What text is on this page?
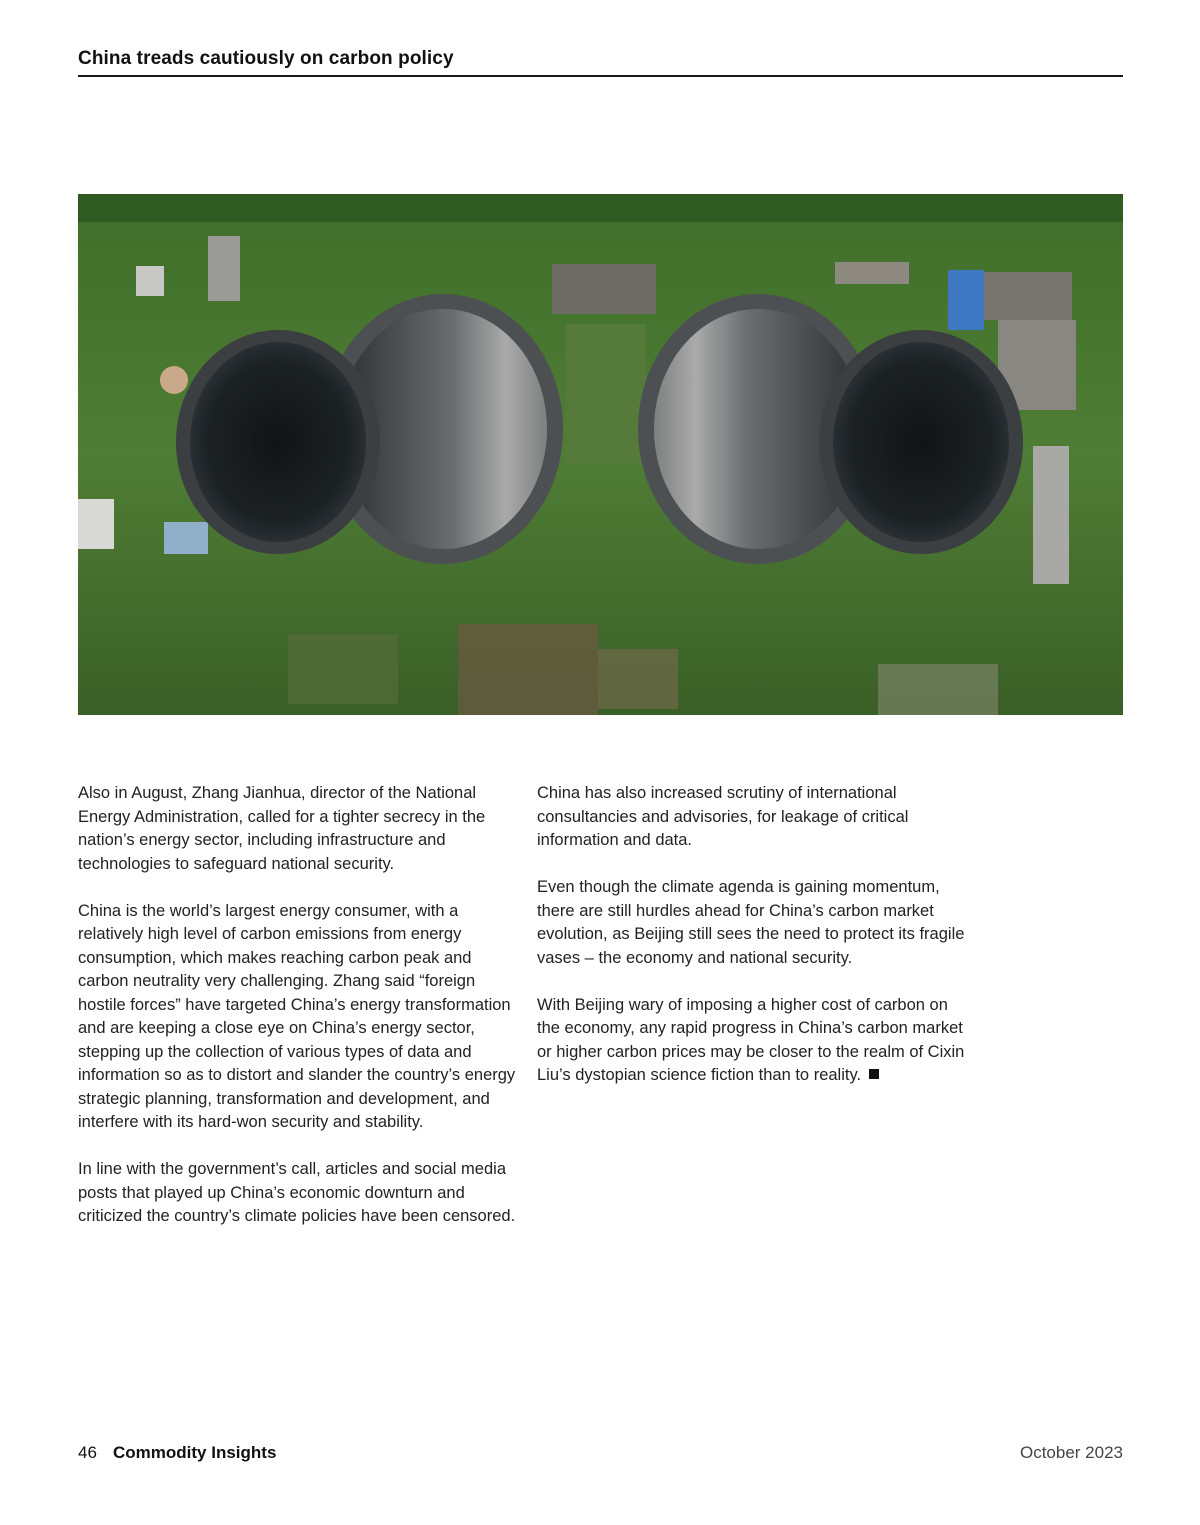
China treads cautiously on carbon policy

Also in August, Zhang Jianhua, director of the National Energy Administration, called for a tighter secrecy in the nation’s energy sector, including infrastructure and technologies to safeguard national security.

China is the world’s largest energy consumer, with a relatively high level of carbon emissions from energy consumption, which makes reaching carbon peak and carbon neutrality very challenging. Zhang said “foreign hostile forces” have targeted China’s energy transformation and are keeping a close eye on China’s energy sector, stepping up the collection of various types of data and information so as to distort and slander the country’s energy strategic planning, transformation and development, and interfere with its hard-won security and stability.

In line with the government’s call, articles and social media posts that played up China’s economic downturn and criticized the country’s climate policies have been censored.

China has also increased scrutiny of international consultancies and advisories, for leakage of critical information and data.

Even though the climate agenda is gaining momentum, there are still hurdles ahead for China’s carbon market evolution, as Beijing still sees the need to protect its fragile vases – the economy and national security.

With Beijing wary of imposing a higher cost of carbon on the economy, any rapid progress in China’s carbon market or higher carbon prices may be closer to the realm of Cixin Liu’s dystopian science fiction than to reality.

46 Commodity Insights	October 2023
